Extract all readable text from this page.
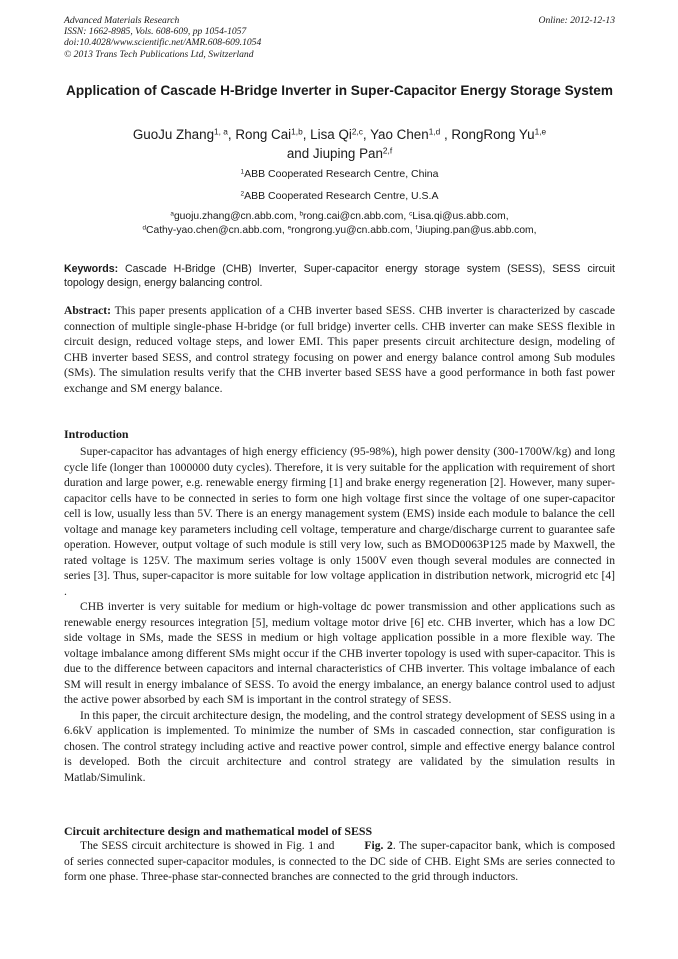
Advanced Materials Research
ISSN: 1662-8985, Vols. 608-609, pp 1054-1057
doi:10.4028/www.scientific.net/AMR.608-609.1054
© 2013 Trans Tech Publications Ltd, Switzerland
Online: 2012-12-13
Application of Cascade H-Bridge Inverter in Super-Capacitor Energy Storage System
GuoJu Zhang$^{1, a}$, Rong Cai$^{1,b}$, Lisa Qi$^{2,c}$, Yao Chen$^{1,d}$ , RongRong Yu$^{1,e}$
and Jiuping Pan$^{2,f}$
$^1$ABB Cooperated Research Centre, China
$^2$ABB Cooperated Research Centre, U.S.A
$^a$guoju.zhang@cn.abb.com, $^b$rong.cai@cn.abb.com, $^c$Lisa.qi@us.abb.com,
$^d$Cathy-yao.chen@cn.abb.com, $^e$rongrong.yu@cn.abb.com, $^f$Jiuping.pan@us.abb.com,
Keywords: Cascade H-Bridge (CHB) Inverter, Super-capacitor energy storage system (SESS), SESS circuit topology design, energy balancing control.
Abstract: This paper presents application of a CHB inverter based SESS. CHB inverter is characterized by cascade connection of multiple single-phase H-bridge (or full bridge) inverter cells. CHB inverter can make SESS flexible in circuit design, reduced voltage steps, and lower EMI. This paper presents circuit architecture design, modeling of CHB inverter based SESS, and control strategy focusing on power and energy balance control among Sub modules (SMs). The simulation results verify that the CHB inverter based SESS have a good performance in both fast power exchange and SM energy balance.
Introduction

Super-capacitor has advantages of high energy efficiency (95-98%), high power density (300-1700W/kg) and long cycle life (longer than 1000000 duty cycles). Therefore, it is very suitable for the application with requirement of short duration and large power, e.g. renewable energy firming [1] and brake energy regeneration [2]. However, many super-capacitor cells have to be connected in series to form one high voltage first since the voltage of one super-capacitor cell is low, usually less than 5V. There is an energy management system (EMS) inside each module to balance the cell voltage and manage key parameters including cell voltage, temperature and charge/discharge current to guarantee safe operation. However, output voltage of such module is still very low, such as BMOD0063P125 made by Maxwell, the rated voltage is 125V. The maximum series voltage is only 1500V even though several modules are connected in series [3]. Thus, super-capacitor is more suitable for low voltage application in distribution network, microgrid etc [4] .

CHB inverter is very suitable for medium or high-voltage dc power transmission and other applications such as renewable energy resources integration [5], medium voltage motor drive [6] etc. CHB inverter, which has a low DC side voltage in SMs, made the SESS in medium or high voltage application possible in a more flexible way. The voltage imbalance among different SMs might occur if the CHB inverter topology is used with super-capacitor. This is due to the difference between capacitors and internal characteristics of CHB inverter. This voltage imbalance of each SM will result in energy imbalance of SESS. To avoid the energy imbalance, an energy balance control used to adjust the active power absorbed by each SM is important in the control strategy of SESS.

In this paper, the circuit architecture design, the modeling, and the control strategy development of SESS using in a 6.6kV application is implemented. To minimize the number of SMs in cascaded connection, star configuration is chosen. The control strategy including active and reactive power control, simple and effective energy balance control is developed. Both the circuit architecture and control strategy are validated by the simulation results in Matlab/Simulink.

Circuit architecture design and mathematical model of SESS

The SESS circuit architecture is showed in Fig. 1 and	Fig. 2. The super-capacitor bank, which is composed of series connected super-capacitor modules, is connected to the DC side of CHB. Eight SMs are series connected to form one phase. Three-phase star-connected branches are connected to the grid through inductors.
